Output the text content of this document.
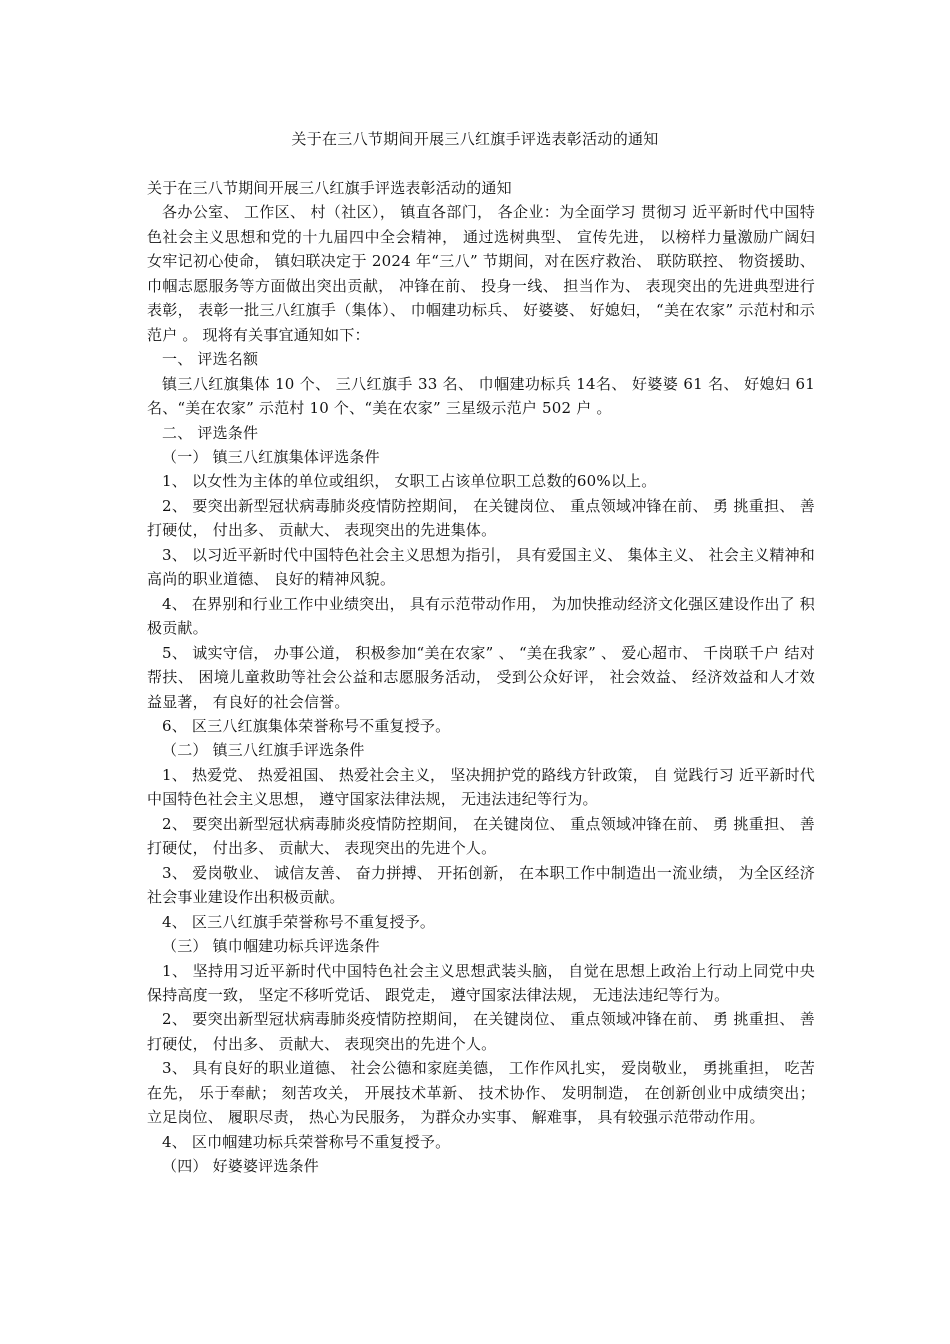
关于在三八节期间开展三八红旗手评选表彰活动的通知

关于在三八节期间开展三八红旗手评选表彰活动的通知

各办公室、 工作区、 村（社区）， 镇直各部门， 各企业：为全面学习 贯彻习 近平新时代中国特色社会主义思想和党的十九届四中全会精神， 通过选树典型、 宣传先进， 以榜样力量激励广阔妇女牢记初心使命， 镇妇联决定于 2024 年“三八” 节期间，对在医疗救治、 联防联控、 物资援助、 巾帼志愿服务等方面做出突出贡献， 冲锋在前、 投身一线、 担当作为、 表现突出的先进典型进行表彰， 表彰一批三八红旗手（集体）、 巾帼建功标兵、 好婆婆、 好媳妇， “美在农家” 示范村和示范户 。 现将有关事宜通知如下：

一、 评选名额

镇三八红旗集体 10 个、 三八红旗手 33 名、 巾帼建功标兵 14名、 好婆婆 61 名、 好媳妇 61 名、“美在农家” 示范村 10 个、“美在农家” 三星级示范户 502 户 。

二、 评选条件

（一） 镇三八红旗集体评选条件

1、 以女性为主体的单位或组织， 女职工占该单位职工总数的60%以上。

2、 要突出新型冠状病毒肺炎疫情防控期间， 在关键岗位、 重点领域冲锋在前、 勇 挑重担、 善打硬仗， 付出多、 贡献大、 表现突出的先进集体。

3、 以习近平新时代中国特色社会主义思想为指引， 具有爱国主义、 集体主义、 社会主义精神和高尚的职业道德、 良好的精神风貌。

4、 在界别和行业工作中业绩突出， 具有示范带动作用， 为加快推动经济文化强区建设作出了 积极贡献。

5、 诚实守信， 办事公道， 积极参加“美在农家” 、 “美在我家” 、 爱心超市、 千岗联千户 结对帮扶、 困境儿童救助等社会公益和志愿服务活动， 受到公众好评， 社会效益、 经济效益和人才效益显著， 有良好的社会信誉。

6、 区三八红旗集体荣誉称号不重复授予。

（二） 镇三八红旗手评选条件

1、 热爱党、 热爱祖国、 热爱社会主义， 坚决拥护党的路线方针政策， 自 觉践行习 近平新时代中国特色社会主义思想， 遵守国家法律法规， 无违法违纪等行为。

2、 要突出新型冠状病毒肺炎疫情防控期间， 在关键岗位、 重点领域冲锋在前、 勇 挑重担、 善打硬仗， 付出多、 贡献大、 表现突出的先进个人。

3、 爱岗敬业、 诚信友善、 奋力拼搏、 开拓创新， 在本职工作中制造出一流业绩， 为全区经济社会事业建设作出积极贡献。

4、 区三八红旗手荣誉称号不重复授予。

（三） 镇巾帼建功标兵评选条件

1、 坚持用习近平新时代中国特色社会主义思想武装头脑， 自觉在思想上政治上行动上同党中央保持高度一致， 坚定不移听党话、 跟党走， 遵守国家法律法规， 无违法违纪等行为。

2、 要突出新型冠状病毒肺炎疫情防控期间， 在关键岗位、 重点领域冲锋在前、 勇 挑重担、 善打硬仗， 付出多、 贡献大、 表现突出的先进个人。

3、 具有良好的职业道德、 社会公德和家庭美德， 工作作风扎实， 爱岗敬业， 勇挑重担， 吃苦在先， 乐于奉献； 刻苦攻关， 开展技术革新、 技术协作、 发明制造， 在创新创业中成绩突出； 立足岗位、 履职尽责， 热心为民服务， 为群众办实事、 解难事， 具有较强示范带动作用。

4、 区巾帼建功标兵荣誉称号不重复授予。

（四） 好婆婆评选条件
